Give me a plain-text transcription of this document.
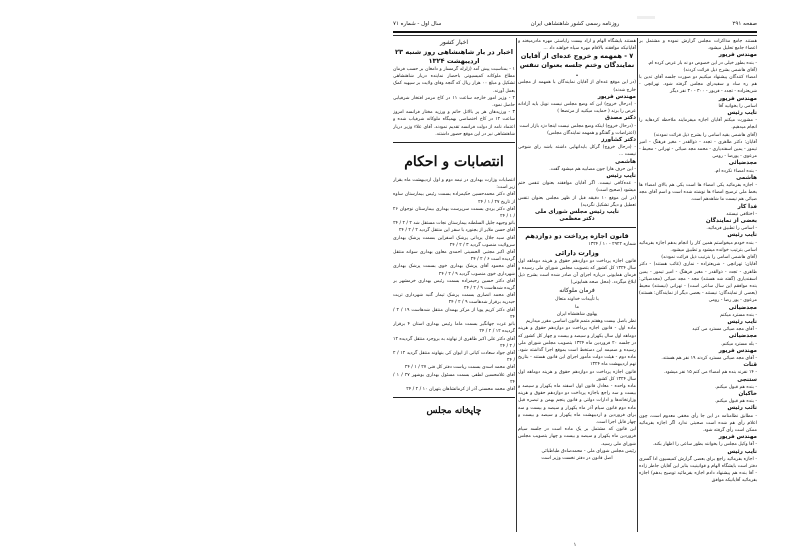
صفحه ۲۹۱
روزنامه رسمی کشور شاهنشاهی ایران
سال اول - شماره ۷۱

هستند جامع مذاکرات مجلس گزارش نموده و مشتمل بر اعضاء جامع تحلیل میشود.

مهندس فریور

- بنده بطور خیلی در این خصوص دو نه بار عرض کرده ام.

(آقای هاشمی بشرح ذیل قرائت کردند)

امضاء کنندگان پیشنهاد میکنیم دو صورت جلسه آقای تدین با هم ره ساد و سفیدرای مجلس گرفته شود. نهرانچی - شریعتزاده - تجدد - فریور - ۳۰۰ - ۳۰ نفر دیگر

مهندس فریور

اسامی را بخوانید آقا

نایب رئیس

- مشورت میکنم آقایان اجازه میفرمایند ملاحظه کردهاید را انجام میدهیم.

(آقای هاشمی بقیه اسامی را بشرح ذیل قرائت نمودند)

آقایان: دکتر طاهری - تجدد - ذوالقدر - مغیر فرهنگ - امیر تیمور - یمین اسفندیاری - محمد مجد ضیائی - تهرانی - محیط - مرعوی - پورضا - رومی

مجدضیائی

- بنده امضاء نکرده ام.

هاشمی

- اجازه بفرمائید یکی امضاء ها است یکی هم بالای امضاء ها بخط ملی ترضیح امضاء ها نوشته شده است و اسم آقای مجد ضیائی هم نیست ما شاهدهم است.

فدا کار

- اختلافی نیستند

بعضی از نمایندگان

- اسامی را تطبیق فرمائید.

نایب رئیس

- بنده خودم میخواستم همین کار را انجام بدهم اجازه بفرمائید اسامی بترتیب خوانده میشود و تطبیق میشود.

(آقای هاشمی اسامی را بترتیب ذیل قرائت نمودند)

آقایان: تهرانچی - شریعتزاده - نماری (غائب هستند) - دکتر طاهری - تجدد - ذوالقدر - مغیر فرهنگ - امیر تیمور - یمین اسفندیاری (گفته شد هستند) مجد - مجد ضیائی (مجدضیائی: بنده موافقم این سال ساعی است) - تهرانی (نیستند) محیط (بعضی از نمایندگان: نیستند - بعضی دیگر از نمایندگان: هستند) مرعوی - پور رضا - رومی

مجدضیائی

- بنده مسترد میکنم

نایب رئیس

- آقای مجد ضیائی مسترد می کنید

مجدضیائی

- بله مسترد میکنم.

مهندس فریور

- آقای مجد ضیائی مسترد کردند ۱۹ نفر هم هستند.

قنات

- ۱۴ نفرند بنده هم امضاء می کنم ۱۵ نفر میشود.

ستنجی

- بنده هم قبول میکنم.

خاکبان

- بنده هم قبول میکنم.

نائب رئیس

- مطابق نظامنامه در این جا رأی مخفی معدوم است، چون اعلام رأی هم شده است صحبتی ندارد اگر اجازه بفرمائید ممکن است رأی گرفته شود.

مهندس فریور

- آقا وکیل مجلس را بخوانند بطور ساعی را اظهار بکند.

نایب رئیس

- اجازه بفرمائید راجع برای بعضی گزارش کمیسیون ادا گسری دفتر است بایشگاه الهام و قوانینیت بنابر این آقایان جاطر زاده - آقا بنده هم پیشنهاد دادم اجازه بفرمائید توضیح بدهم) اجازه بفرمائید آقایانیکه موافق

هستند بایشگاه الهام و اراد بیست رایاستی مهره مادرمیخند و آقایانیکه موافقند بالاقام مهره سیاه خواهند داد ...

۷ - همهمه و خروج عده‌ای از آقایان نمایندگان وختم جلسه بعنوان تنفس .

(در این موقع عده‌ای از آقایان نمایندگان با همهمه از مجلس خارج شدند)

مهندس فریور

- (درحال خروج) این که وضع مجلس نیست نوبل باید آزادانه عرض را بزند ( حمایت میکنید از مرتضعا )

دکتر مصدق

- (درحال خروج) اینکه وضع مجلس نیست اینجا دزد بازار است

(اعتراضات و گفتگو و همهمه نمایندگان مجلس)

دکتر کشاورز

- (درحال خروج) گرکل بایدانهایی داشته باشد رای شوخی نیست ...

هاشمی

- این حرف هارا جون مصابیه هم میشود گفت.

نایب رئیس

- عده‌کافی نیست. اگر آقایان موافقند بعنوان تنفس ختم میشود (صحیح است)

(در این موقع ۱۰ دقیقه قبل از ظهر مجلس بعنوان تنفس تعطیل و دیگر تشکیل نگردید)

نایب رئیس مجلس شورای ملی

دکتر معظمی

قانون اجازه پرداخت دو دوازدهم

شماره ۲۹۲۲ - ۱۰ / ۱۳۲۴

وزارت دارائی

قانون اجازه پرداخت دو دوازدهم حقوق و هزینه دوماهه اول سال ۱۳۲۴ کل کشور که بتصویب مجلس شورای ملی رسیده و فرمان همایونی درباره اجرای آن صادر شده است بشرح ذیل ابلاغ میگردد. (محل صحه همایونی)

فرمان ملوکانه

با تأییدات خداوند متعال

ما

پهلوی شاهنشاه ایران

نظر باصل بیست وهفتم متمم قانون اساسی مقرر میداریم

ماده اول - قانون اجازه پرداخت دو دوازدهم حقوق و هزینه دوماهه اول سال یکهزار و سیصد و بیست و چهار کل کشور که در جلسه ۲۰ فروردین ماه ۱۳۲۴ بتصویب مجلس شورای ملی رسیده و ضمیمه این دستخط است بموقع اجرا گذاشته شود. ماده دوم - هیئت دولت مأمور اجرای این قانون هستند - بتاریخ نهم اردیبهشت ماه ۱۳۲۴

قانون اجازه پرداخت دو دوازدهم حقوق و هزینه دوماهه اول سال ۱۳۲۴ کل کشور

ماده واحده - معادل قانون اول اسفند ماه یکهزار و سیصد و بیست و سه راجع باجازه پرداخت دو دوازدهم حقوق و هزینه وزارتخانه‌ها و ادارات دولتی و قانون پنجم بهمن و تبصره قبل ماده دوم قانون سیام آذر ماه یکهزار و سیصد و بیست و سه برای فروردین و اردیبهشت ماه یکهزار و سیصد و بیست و چهار قابل اجرا است.

این قانون که مشتمل بر یک ماده است در جلسه سیام فروردین ماه یکهزار و سیصد و بیست و چهار بتصویب مجلس شورای ملی رسید.

رئیس مجلس شورای ملی - محمدصادق طباطبائی

اصل قانون در دفتر نخست وزیر است

اخبار کشور

اخبار در بار شاهنشاهی روز شنبه ۲۳ اردیبهشت ۱۳۲۴

۱ - بمناسبت پیش آمد (زلزله گرمسار و دامغان بر حسب فرمان مطاع ملوکانه کمیسیونی باحضار نماینده دربار شاهنشاهی تشکیل و مبلغ ۰۰ هزار ریال که گنجه وفای ولایت بر سپهبد کمک بعمل آورند.

۲ - وزیر امور خارجه ساعت ۱۱ در کاخ مرمر افتخار شرفیابی حاصل نمود.

۳ - ورزیدهان هر پر بالاتل حاتم و ورزید مختار فرانسه امروز ساعت ۱۲ در کاخ اختصاصی بهمیگاه ملوکانه شرفیاب شده و اعتماد نامه از دولت فرانسه تقدیم نمودند. آقای علاء وزیر دربار شاهنشاهی نیز در این موقع حضور داشتند.

انتصابات و احکام

انتصابات وزارت بهداری در نیمه دوم و اول اردیبهشت ماه بقرار زیر است:

آقای دکتر محمدحسین حکیمزاده بسمت رئیس بیمارستان ساوه از تاریخ ۲۷ / ۱ / ۲۴

آقای دکتر یزدی بسمت سرپرست بهداری بیمارستان نوجوان ۲۶ / ۱ / ۲۴

بانو وجیهه جلیل السلطنه بیمارستان نجات مستقل شد ۲ / ۲ / ۲۴

آقای حسن ملایر از بجنورد با سفر این منتقل گردید ۲ / ۲ / ۲۴

آقای سید جلال یزدانی پزشک اسفراین بسمت پزشک بهداری سرولایت منصوب گردید ۳ / ۲ / ۲۴

آقای اکبر مجتبی الحسینی احمدی معاون بهداری سوانه منتقل گردیده است ۶ / ۲ / ۲۴

آقای محمود آقای پزشک بهداری خوی بسمت پزشک بهداری شهرداری خوی منصوب گردید ۹ / ۲ / ۲۴

آقای دکتر حسین رحیمزاده بسمت رئیس بهداری خرمشهر بر گزیده شدهاست ۹ / ۲ / ۲۴

آقای محمد انصاری بسمت پزشک تیمار گنبد شهرداری تربت حیدریه برقرار شدهاست ۹ / ۲ / ۲۴

آقای دکتر کریم پویا از مرکز بهمدان منتقل شدهاست ۱۹ / ۲ / ۲۴

بانو عزت جهانگیر بسمت ماما رئیس بهداری استان ۴ برقرار گردیده ۱۲ / ۲ / ۲۴

آقای دکتر علی اکبر طاهری از نهاوند به بروجرد منتقل گردیده ۱۲ / ۲ / ۲۴

آقای جواد سعادت کیانی از ایوان کی بنهاوند منتقل گردید ۱۲ / ۲ / ۲۴

آقای محمد اسدی بسمت ریاست دفتر کل فنی ۲۷ / ۱ / ۲۴

آقای غلامحسین لطفی بسمت مسئول بهداری بوشهر ۲۷ / ۱ / ۲۴

آقای محمد محسنی آذر از کرمانشاهان بتهران ۱۰ / ۲ / ۲۴

چاپخانه مجلس

۱
